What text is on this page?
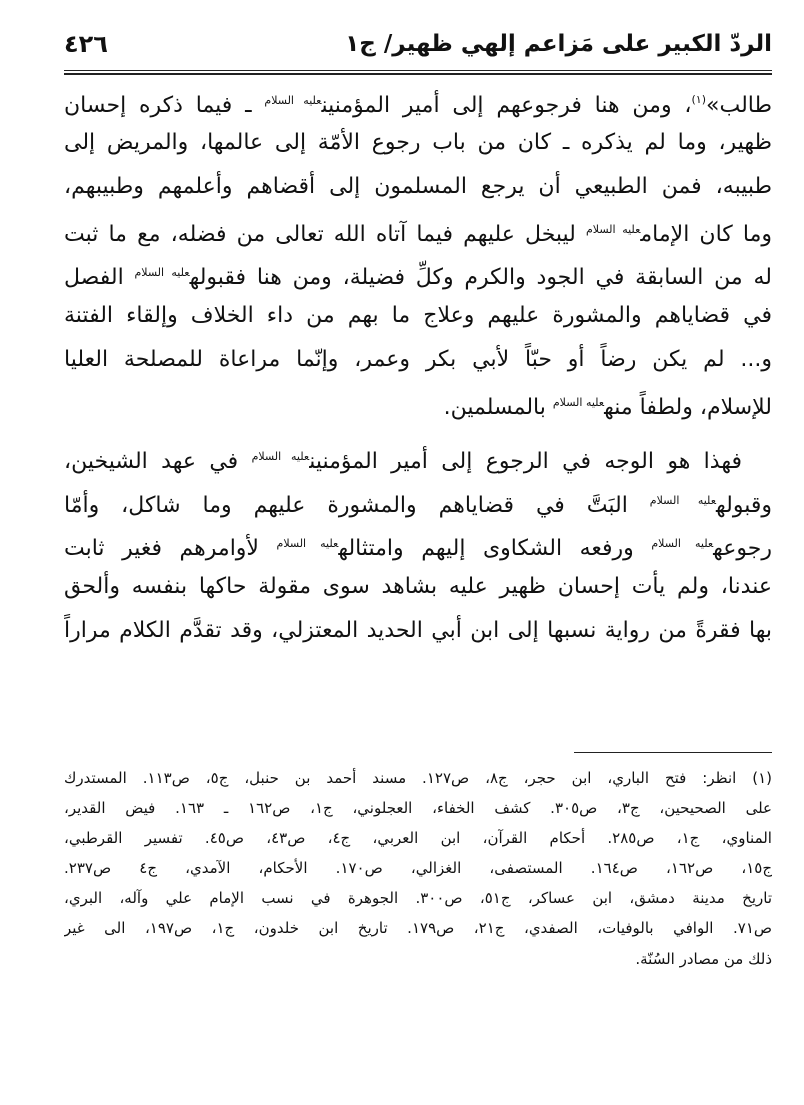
الردّ الكبير على مَزاعم إلهي ظهير/ ج١
٤٢٦
طالب»$^{(١)}$، ومن هنا فرجوعهم إلى أمير المؤمنين$^{عليه السلام}$ ـ فيما ذكره إحسان
ظهير، وما لم يذكره ـ كان من باب رجوع الأمّة إلى عالمها، والمريض إلى
طبيبه، فمن الطبيعي أن يرجع المسلمون إلى أقضاهم وأعلمهم وطبيبهم،
وما كان الإمام$^{عليه السلام}$ ليبخل عليهم فيما آتاه الله تعالى من فضله، مع ما ثبت
له من السابقة في الجود والكرم وكلِّ فضيلة، ومن هنا فقبوله$^{عليه السلام}$ الفصل
في قضاياهم والمشورة عليهم وعلاج ما بهم من داء الخلاف وإلقاء الفتنة
و... لم يكن رضاً أو حبّاً لأبي بكر وعمر، وإنّما مراعاة للمصلحة العليا
للإسلام، ولطفاً منه$^{عليه السلام}$ بالمسلمين.
فهذا هو الوجه في الرجوع إلى أمير المؤمنين$^{عليه السلام}$ في عهد الشيخين،
وقبوله$^{عليه السلام}$ البَتَّ في قضاياهم والمشورة عليهم وما شاكل، وأمّا
رجوعه$^{عليه السلام}$ ورفعه الشكاوى إليهم وامتثاله$^{عليه السلام}$ لأوامرهم فغير ثابت
عندنا، ولم يأت إحسان ظهير عليه بشاهد سوى مقولة حاكها بنفسه وألحق
بها فقرةً من رواية نسبها إلى ابن أبي الحديد المعتزلي، وقد تقدَّم الكلام مراراً
(١) انظر: فتح الباري، ابن حجر، ج٨، ص١٢٧. مسند أحمد بن حنبل، ج٥، ص١١٣. المستدرك
على الصحيحين، ج٣، ص٣٠٥. كشف الخفاء، العجلوني، ج١، ص١٦٢ ـ ١٦٣. فيض القدير،
المناوي، ج١، ص٢٨٥. أحكام القرآن، ابن العربي، ج٤، ص٤٣، ص٤٥. تفسير القرطبي،
ج١٥، ص١٦٢، ص١٦٤. المستصفى، الغزالي، ص١٧٠. الأحكام، الآمدي، ج٤ ص٢٣٧.
تاريخ مدينة دمشق، ابن عساكر، ج٥١، ص٣٠٠. الجوهرة في نسب الإمام علي وآله، البري،
ص٧١. الوافي بالوفيات، الصفدي، ج٢١، ص١٧٩. تاريخ ابن خلدون، ج١، ص١٩٧، الى غير
ذلك من مصادر السُنّة.
